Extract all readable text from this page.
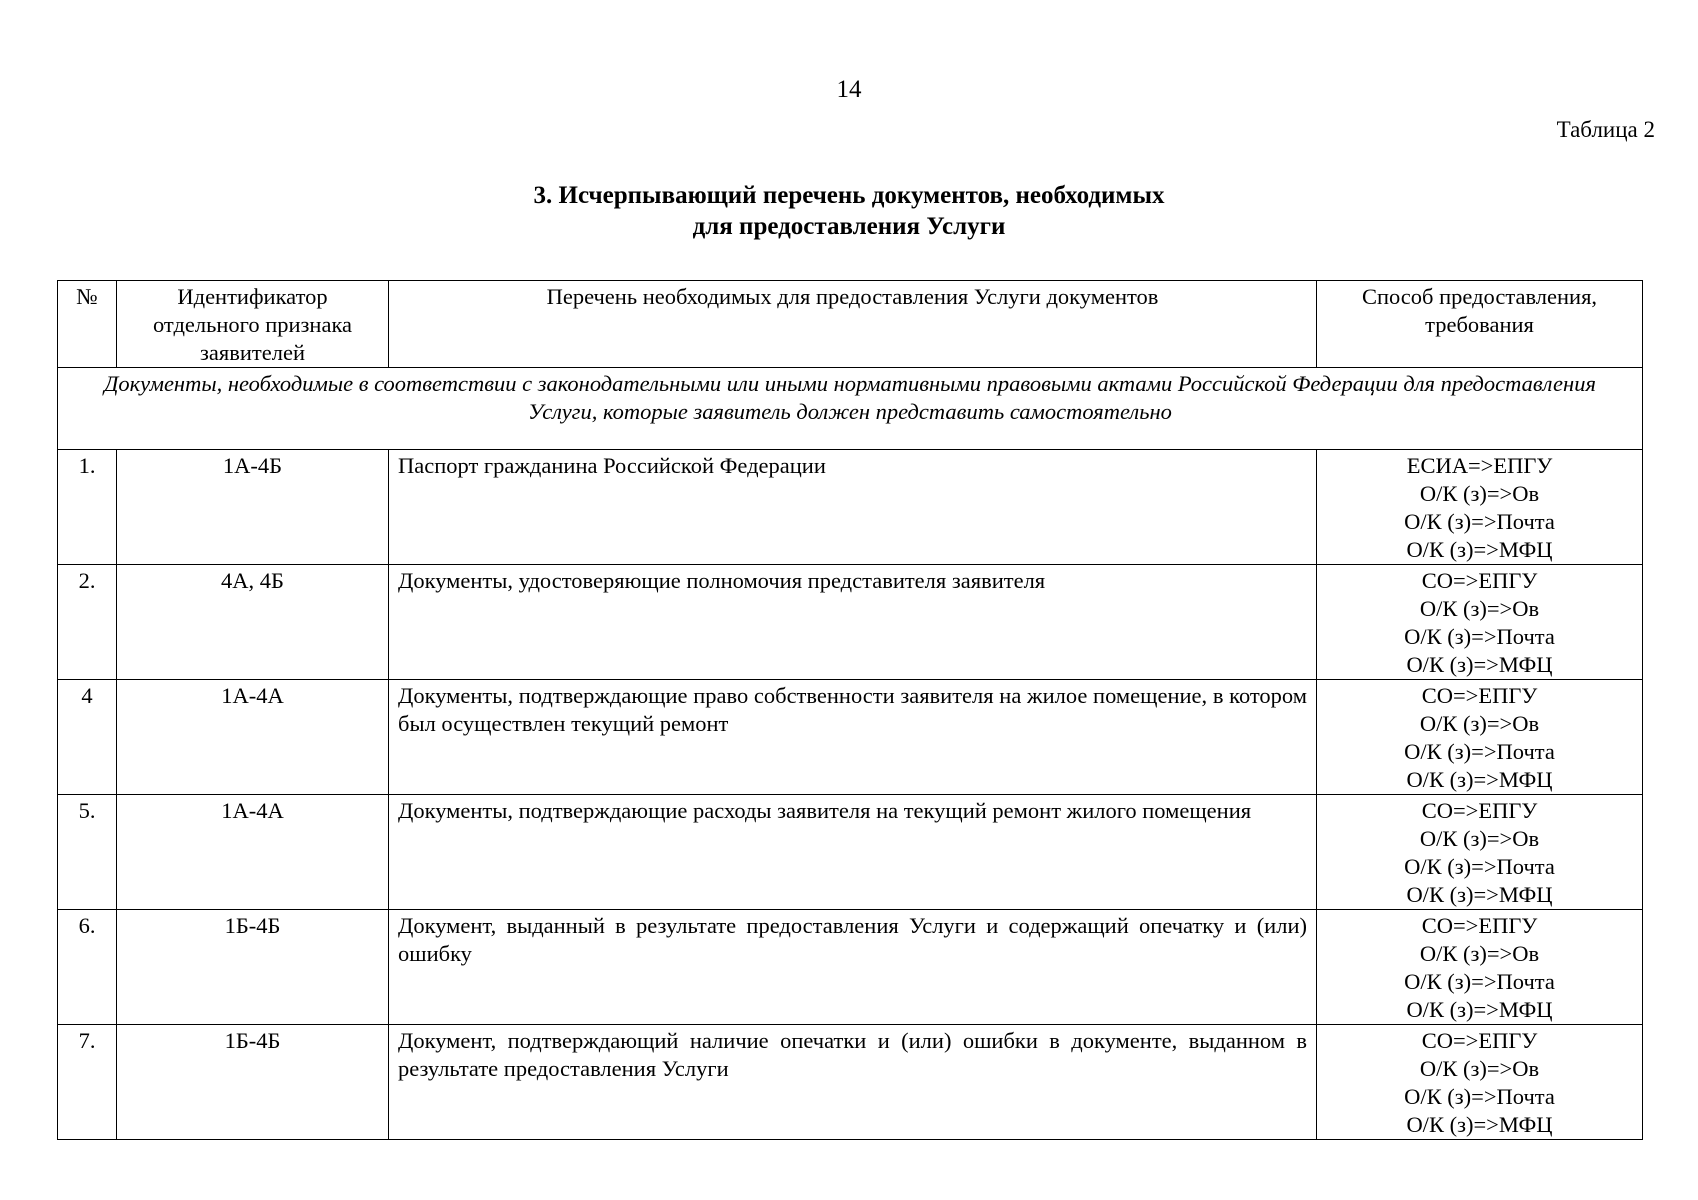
14
Таблица 2
3. Исчерпывающий перечень документов, необходимых
для предоставления Услуги
№	Идентификатор отдельного признака заявителей	Перечень необходимых для предоставления Услуги документов	Способ предоставления, требования
Документы, необходимые в соответствии с законодательными или иными нормативными правовыми актами Российской Федерации для предоставления Услуги, которые заявитель должен представить самостоятельно			
1.	1А-4Б	Паспорт гражданина Российской Федерации	ЕСИА=>ЕПГУ
О/К (з)=>Ов
О/К (з)=>Почта
О/К (з)=>МФЦ

2.	4А, 4Б	Документы, удостоверяющие полномочия представителя заявителя	СО=>ЕПГУ
О/К (з)=>Ов
О/К (з)=>Почта
О/К (з)=>МФЦ

4	1А-4А	Документы, подтверждающие право собственности заявителя на жилое помещение, в котором был осуществлен текущий ремонт	СО=>ЕПГУ
О/К (з)=>Ов
О/К (з)=>Почта
О/К (з)=>МФЦ

5.	1А-4А	Документы, подтверждающие расходы заявителя на текущий ремонт жилого помещения	СО=>ЕПГУ
О/К (з)=>Ов
О/К (з)=>Почта
О/К (з)=>МФЦ

6.	1Б-4Б	Документ, выданный в результате предоставления Услуги и содержащий опечатку и (или) ошибку	СО=>ЕПГУ
О/К (з)=>Ов
О/К (з)=>Почта
О/К (з)=>МФЦ

7.	1Б-4Б	Документ, подтверждающий наличие опечатки и (или) ошибки в документе, выданном в результате предоставления Услуги	СО=>ЕПГУ
О/К (з)=>Ов
О/К (з)=>Почта
О/К (з)=>МФЦ
